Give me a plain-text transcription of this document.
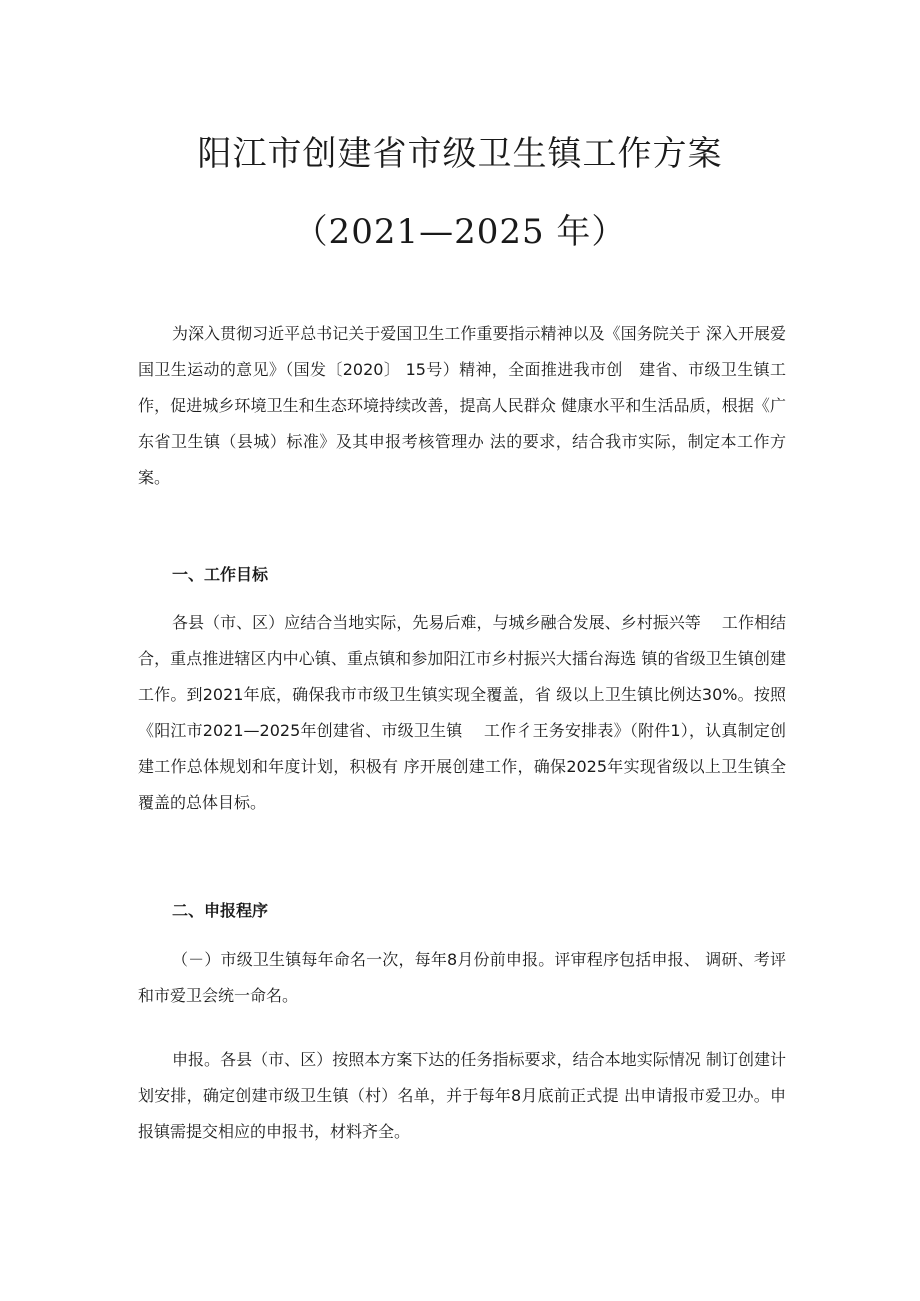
阳江市创建省市级卫生镇工作方案
（2021—2025 年）

为深入贯彻习近平总书记关于爱国卫生工作重要指示精神以及《国务院关于 深入开展爱国卫生运动的意见》（国发〔2020〕 15号）精神，全面推进我市创　建省、市级卫生镇工作，促进城乡环境卫生和生态环境持续改善，提高人民群众 健康水平和生活品质，根据《广东省卫生镇（县城）标准》及其申报考核管理办 法的要求，结合我市实际，制定本工作方案。

一、工作目标

各县（市、区）应结合当地实际，先易后难，与城乡融合发展、乡村振兴等　 工作相结合，重点推进辖区内中心镇、重点镇和参加阳江市乡村振兴大擂台海选 镇的省级卫生镇创建工作。到2021年底，确保我市市级卫生镇实现全覆盖，省 级以上卫生镇比例达30%。按照《阳江市2021—2025年创建省、市级卫生镇　 工作彳王务安排表》（附件1），认真制定创建工作总体规划和年度计划，积极有 序开展创建工作，确保2025年实现省级以上卫生镇全覆盖的总体目标。

二、申报程序

（－）市级卫生镇每年命名一次，每年8月份前申报。评审程序包括申报、 调研、考评和市爱卫会统一命名。

申报。各县（市、区）按照本方案下达的任务指标要求，结合本地实际情况 制订创建计划安排，确定创建市级卫生镇（村）名单，并于每年8月底前正式提 出申请报市爱卫办。申报镇需提交相应的申报书，材料齐全。
